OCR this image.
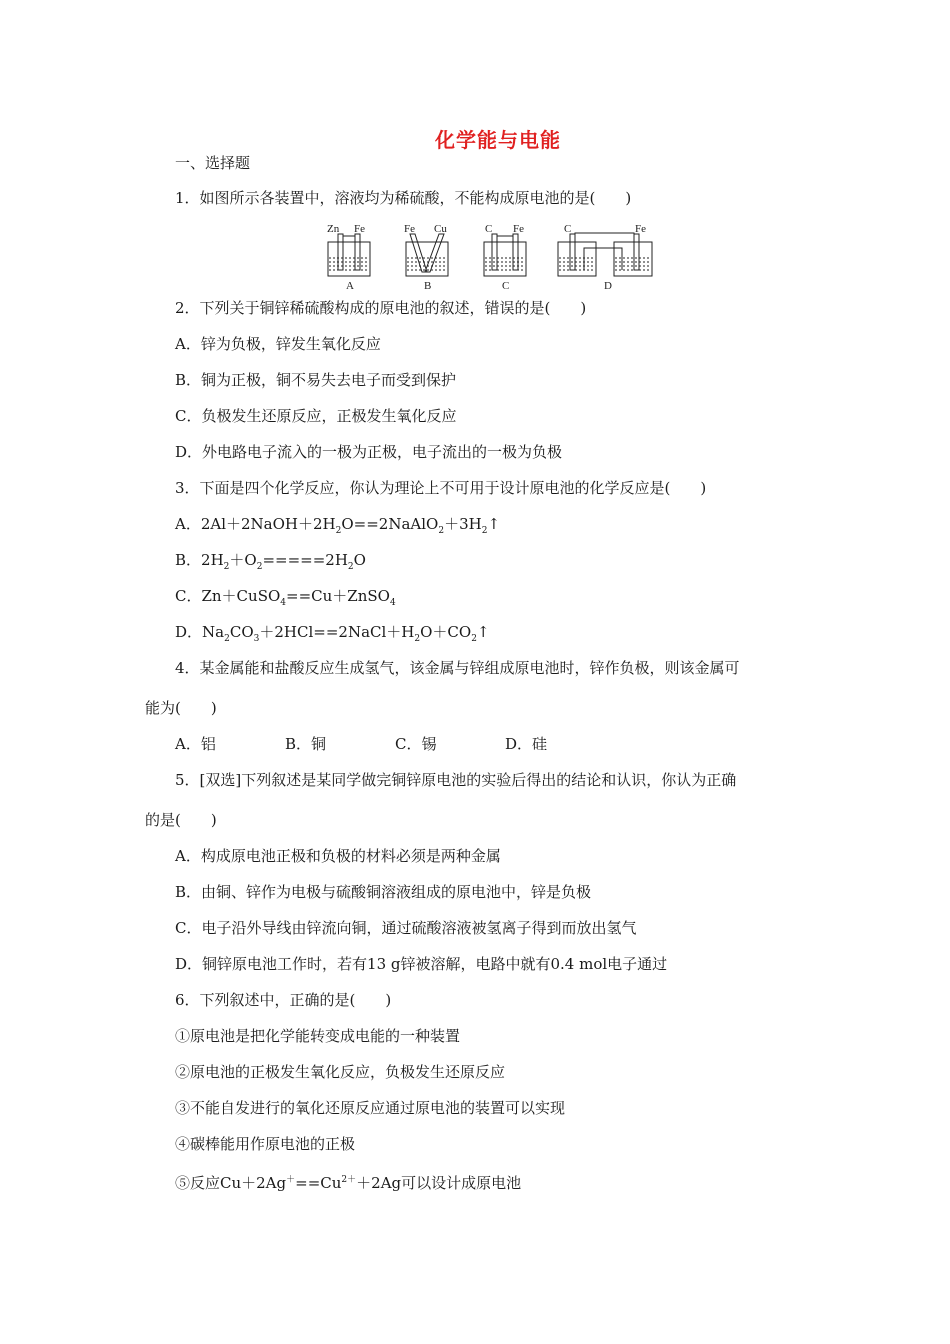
化学能与电能
一、选择题
1．如图所示各装置中，溶液均为稀硫酸，不能构成原电池的是(　　)
Zn Fe
A
Fe Cu
B
C Fe
C
C	Fe
D
2．下列关于铜锌稀硫酸构成的原电池的叙述，错误的是(　　)
A．锌为负极，锌发生氧化反应
B．铜为正极，铜不易失去电子而受到保护
C．负极发生还原反应，正极发生氧化反应
D．外电路电子流入的一极为正极，电子流出的一极为负极
3．下面是四个化学反应，你认为理论上不可用于设计原电池的化学反应是(　　)
A．$2Al+2NaOH+2H_2O==2NaAlO_2+3H_2↑$
B．$2H_2+O_2=====2H_2O$
C．Zn＋CuSO$_4$==Cu＋ZnSO$_4$
D．$Na_2CO_3+2HCl==2NaCl+H_2O+CO_2↑$
4．某金属能和盐酸反应生成氢气，该金属与锌组成原电池时，锌作负极，则该金属可
能为(　　)
A．铝	B．铜	C．锡	D．硅
5．[双选]下列叙述是某同学做完铜锌原电池的实验后得出的结论和认识，你认为正确
的是(　　)
A．构成原电池正极和负极的材料必须是两种金属
B．由铜、锌作为电极与硫酸铜溶液组成的原电池中，锌是负极
C．电子沿外导线由锌流向铜，通过硫酸溶液被氢离子得到而放出氢气
D．铜锌原电池工作时，若有13 g锌被溶解，电路中就有0.4 mol电子通过
6．下列叙述中，正确的是(　　)
①原电池是把化学能转变成电能的一种装置
②原电池的正极发生氧化反应，负极发生还原反应
③不能自发进行的氧化还原反应通过原电池的装置可以实现
④碳棒能用作原电池的正极
⑤反应$Cu+2Ag^+==Cu^{2+}+2Ag$可以设计成原电池
